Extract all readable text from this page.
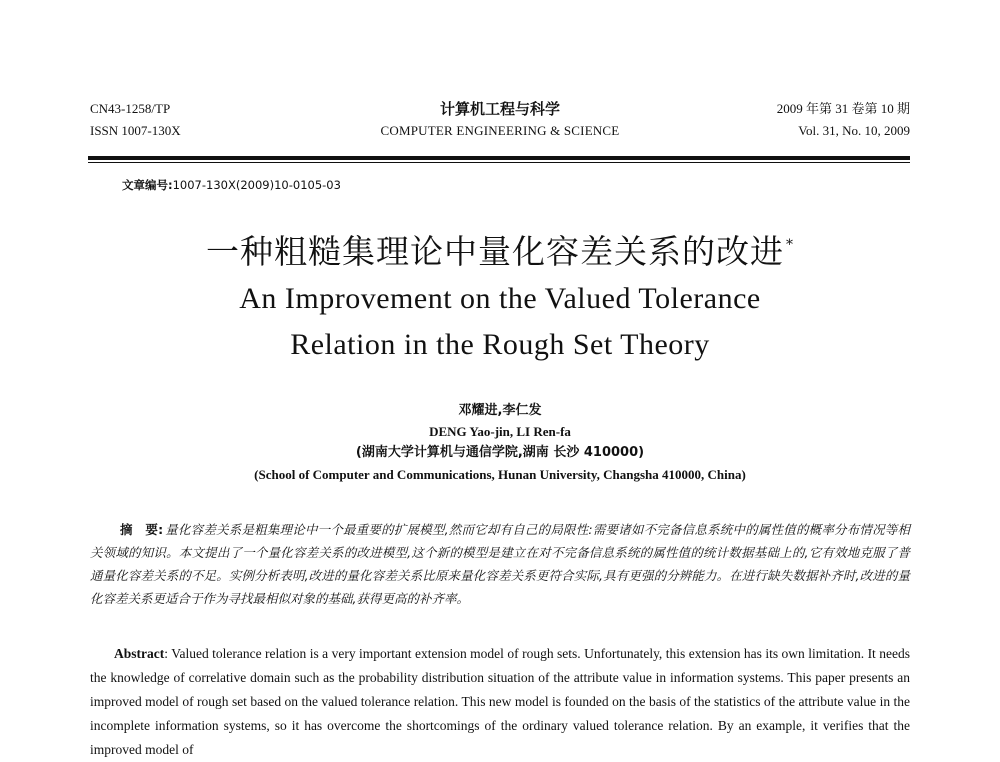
CN43-1258/TP
ISSN 1007-130X
计算机工程与科学
COMPUTER ENGINEERING & SCIENCE
2009 年第 31 卷第 10 期
Vol. 31, No. 10, 2009
文章编号:1007-130X(2009)10-0105-03
一种粗糙集理论中量化容差关系的改进 *
An Improvement on the Valued Tolerance
Relation in the Rough Set Theory
邓耀进,李仁发
DENG Yao-jin, LI Ren-fa
(湖南大学计算机与通信学院,湖南 长沙 410000)
(School of Computer and Communications, Hunan University, Changsha 410000, China)
摘　要: 量化容差关系是粗集理论中一个最重要的扩展模型,然而它却有自己的局限性:需要诸如不完备信息系统中的属性值的概率分布情况等相关领域的知识。本文提出了一个量化容差关系的改进模型,这个新的模型是建立在对不完备信息系统的属性值的统计数据基础上的,它有效地克服了普通量化容差关系的不足。实例分析表明,改进的量化容差关系比原来量化容差关系更符合实际,具有更强的分辨能力。在进行缺失数据补齐时,改进的量化容差关系更适合于作为寻找最相似对象的基础,获得更高的补齐率。
Abstract: Valued tolerance relation is a very important extension model of rough sets. Unfortunately, this extension has its own limitation. It needs the knowledge of correlative domain such as the probability distribution situation of the attribute value in information systems. This paper presents an improved model of rough set based on the valued tolerance relation. This new model is founded on the basis of the statistics of the attribute value in the incomplete information systems, so it has overcome the shortcomings of the ordinary valued tolerance relation. By an example, it verifies that the improved model of
